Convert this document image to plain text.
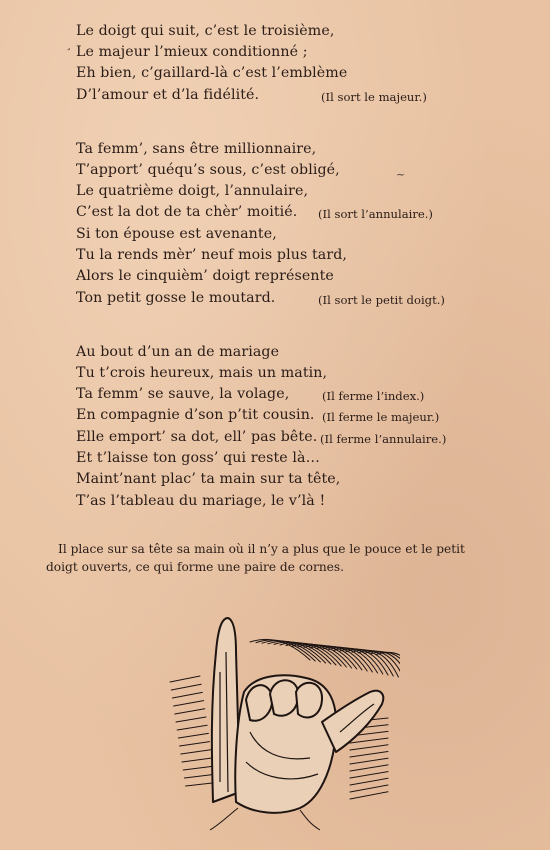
Le doigt qui suit, c’est le troisième,
Le majeur l’mieux conditionné ;
Eh bien, c’gaillard-là c’est l’emblème
D’l’amour et d’la fidélité.	(Il sort le majeur.)
Ta femm’, sans être millionnaire,
T’apport’ quéqu’s sous, c’est obligé,
Le quatrième doigt, l’annulaire,
C’est la dot de ta chèr’ moitié. (Il sort l’annulaire.)
Si ton épouse est avenante,
Tu la rends mèr’ neuf mois plus tard,
Alors le cinquièm’ doigt représente
Ton petit gosse le moutard.	(Il sort le petit doigt.)
Au bout d’un an de mariage
Tu t’crois heureux, mais un matin,
Ta femm’ se sauve, la volage,	(Il ferme l’index.)
En compagnie d’son p’tit cousin. (Il ferme le majeur.)
Elle emport’ sa dot, ell’ pas bête. (Il ferme l’annulaire.)
Et t’laisse ton goss’ qui reste là…
Maint’nant plac’ ta main sur ta tête,
T’as l’tableau du mariage, le v’là !
Il place sur sa tête sa main où il n’y a plus que le pouce et le petit
doigt ouverts, ce qui forme une paire de cornes.
¸
~
